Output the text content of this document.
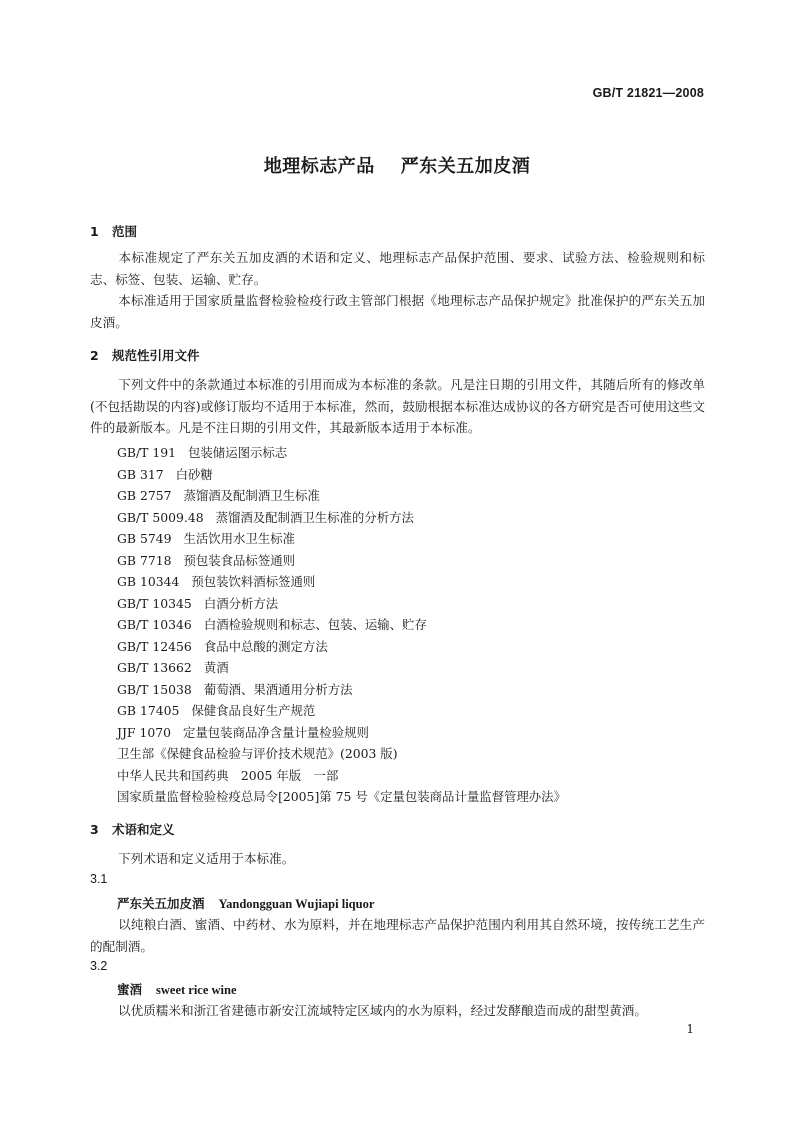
GB/T 21821—2008
地理标志产品 严东关五加皮酒
1 范围
本标准规定了严东关五加皮酒的术语和定义、地理标志产品保护范围、要求、试验方法、检验规则和标志、标签、包装、运输、贮存。
本标准适用于国家质量监督检验检疫行政主管部门根据《地理标志产品保护规定》批准保护的严东关五加皮酒。
2 规范性引用文件
下列文件中的条款通过本标准的引用而成为本标准的条款。凡是注日期的引用文件，其随后所有的修改单(不包括勘误的内容)或修订版均不适用于本标准，然而，鼓励根据本标准达成协议的各方研究是否可使用这些文件的最新版本。凡是不注日期的引用文件，其最新版本适用于本标准。
GB/T 191 包装储运图示标志
GB 317 白砂糖
GB 2757 蒸馏酒及配制酒卫生标准
GB/T 5009.48 蒸馏酒及配制酒卫生标准的分析方法
GB 5749 生活饮用水卫生标准
GB 7718 预包装食品标签通则
GB 10344 预包装饮料酒标签通则
GB/T 10345 白酒分析方法
GB/T 10346 白酒检验规则和标志、包装、运输、贮存
GB/T 12456 食品中总酸的测定方法
GB/T 13662 黄酒
GB/T 15038 葡萄酒、果酒通用分析方法
GB 17405 保健食品良好生产规范
JJF 1070 定量包装商品净含量计量检验规则
卫生部《保健食品检验与评价技术规范》(2003 版)
中华人民共和国药典　2005 年版　一部
国家质量监督检验检疫总局令[2005]第 75 号《定量包装商品计量监督管理办法》
3 术语和定义
下列术语和定义适用于本标准。
3.1
严东关五加皮酒 Yandongguan Wujiapi liquor
以纯粮白酒、蜜酒、中药材、水为原料，并在地理标志产品保护范围内利用其自然环境，按传统工艺生产的配制酒。
3.2
蜜酒 sweet rice wine
以优质糯米和浙江省建德市新安江流域特定区域内的水为原料，经过发酵酿造而成的甜型黄酒。
1
